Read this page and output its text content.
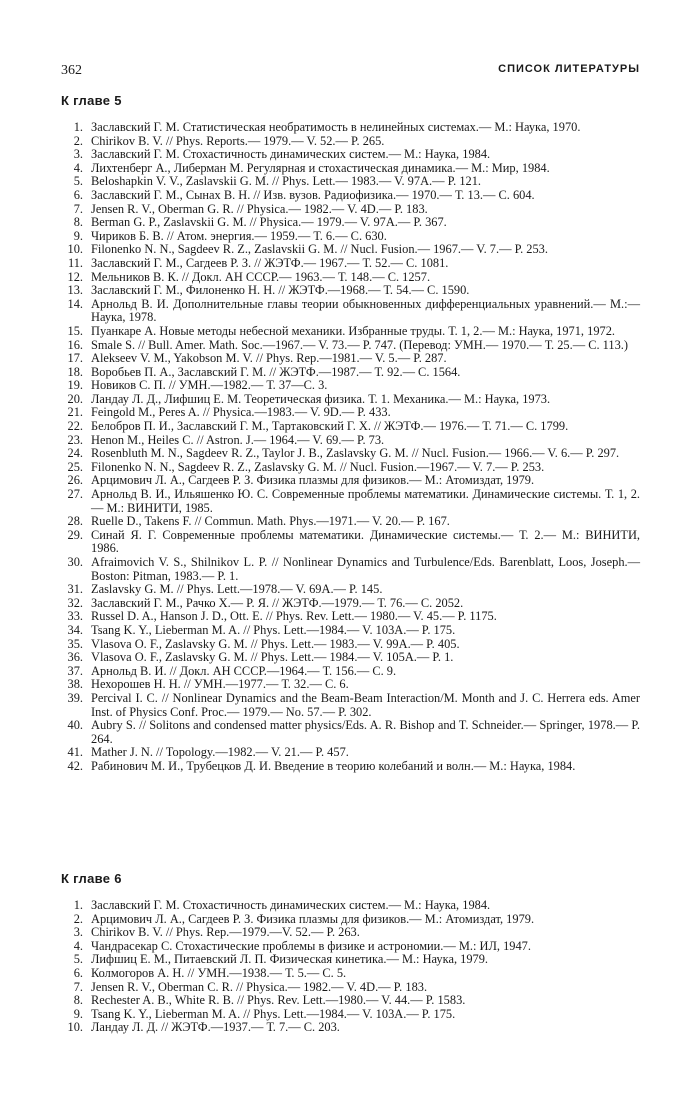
362	СПИСОК ЛИТЕРАТУРЫ
К главе 5
1. Заславский Г. М. Статистическая необратимость в нелинейных системах.— М.: Наука, 1970.
2. Chirikov B. V. // Phys. Reports.— 1979.— V. 52.— P. 265.
3. Заславский Г. М. Стохастичность динамических систем.— М.: Наука, 1984.
4. Лихтенберг А., Либерман М. Регулярная и стохастическая динамика.— М.: Мир, 1984.
5. Beloshapkin V. V., Zaslavskii G. M. // Phys. Lett.— 1983.— V. 97A.— P. 121.
6. Заславский Г. М., Сынах В. Н. // Изв. вузов. Радиофизика.— 1970.— Т. 13.— С. 604.
7. Jensen R. V., Oberman G. R. // Physica.— 1982.— V. 4D.— P. 183.
8. Berman G. P., Zaslavskii G. M. // Physica.— 1979.— V. 97A.— P. 367.
9. Чириков Б. В. // Атом. энергия.— 1959.— Т. 6.— С. 630.
10. Filonenko N. N., Sagdeev R. Z., Zaslavskii G. M. // Nucl. Fusion.— 1967.— V. 7.— P. 253.
11. Заславский Г. М., Сагдеев Р. З. // ЖЭТФ.— 1967.— Т. 52.— С. 1081.
12. Мельников В. К. // Докл. АН СССР.— 1963.— Т. 148.— С. 1257.
13. Заславский Г. М., Филоненко Н. Н. // ЖЭТФ.—1968.— Т. 54.— С. 1590.
14. Арнольд В. И. Дополнительные главы теории обыкновенных дифференциальных уравнений.— М.:—Наука, 1978.
15. Пуанкаре А. Новые методы небесной механики. Избранные труды. Т. 1, 2.— М.: Наука, 1971, 1972.
16. Smale S. // Bull. Amer. Math. Soc.—1967.— V. 73.— P. 747. (Перевод: УМН.— 1970.— Т. 25.— С. 113.)
17. Alekseev V. M., Yakobson M. V. // Phys. Rep.—1981.— V. 5.— P. 287.
18. Воробьев П. А., Заславский Г. М. // ЖЭТФ.—1987.— Т. 92.— С. 1564.
19. Новиков С. П. // УМН.—1982.— Т. 37—С. 3.
20. Ландау Л. Д., Лифшиц Е. М. Теоретическая физика. Т. 1. Механика.— М.: Наука, 1973.
21. Feingold M., Peres A. // Physica.—1983.— V. 9D.— P. 433.
22. Белобров П. И., Заславский Г. М., Тартаковский Г. Х. // ЖЭТФ.— 1976.— Т. 71.— С. 1799.
23. Henon M., Heiles C. // Astron. J.— 1964.— V. 69.— P. 73.
24. Rosenbluth M. N., Sagdeev R. Z., Taylor J. B., Zaslavsky G. M. // Nucl. Fusion.— 1966.— V. 6.— P. 297.
25. Filonenko N. N., Sagdeev R. Z., Zaslavsky G. M. // Nucl. Fusion.—1967.— V. 7.— P. 253.
26. Арцимович Л. А., Сагдеев Р. З. Физика плазмы для физиков.— М.: Атомиздат, 1979.
27. Арнольд В. И., Ильяшенко Ю. С. Современные проблемы математики. Динамические системы. Т. 1, 2.— М.: ВИНИТИ, 1985.
28. Ruelle D., Takens F. // Commun. Math. Phys.—1971.— V. 20.— P. 167.
29. Синай Я. Г. Современные проблемы математики. Динамические системы.— Т. 2.— М.: ВИНИТИ, 1986.
30. Afraimovich V. S., Shilnikov L. P. // Nonlinear Dynamics and Turbulence/Eds. Barenblatt, Loos, Joseph.— Boston: Pitman, 1983.— P. 1.
31. Zaslavsky G. M. // Phys. Lett.—1978.— V. 69A.— P. 145.
32. Заславский Г. М., Рачко Х.— Р. Я. // ЖЭТФ.—1979.— Т. 76.— С. 2052.
33. Russel D. A., Hanson J. D., Ott. E. // Phys. Rev. Lett.— 1980.— V. 45.— P. 1175.
34. Tsang K. Y., Lieberman M. A. // Phys. Lett.—1984.— V. 103A.— P. 175.
35. Vlasova O. F., Zaslavsky G. M. // Phys. Lett.— 1983.— V. 99A.— P. 405.
36. Vlasova O. F., Zaslavsky G. M. // Phys. Lett.— 1984.— V. 105A.— P. 1.
37. Арнольд В. И. // Докл. АН СССР.—1964.— Т. 156.— С. 9.
38. Нехорошев Н. Н. // УМН.—1977.— Т. 32.— С. 6.
39. Percival I. C. // Nonlinear Dynamics and the Beam-Beam Interaction/M. Month and J. C. Herrera eds. Amer Inst. of Physics Conf. Proc.— 1979.— No. 57.— P. 302.
40. Aubry S. // Solitons and condensed matter physics/Eds. A. R. Bishop and T. Schneider.— Springer, 1978.— P. 264.
41. Mather J. N. // Topology.—1982.— V. 21.— P. 457.
42. Рабинович М. И., Трубецков Д. И. Введение в теорию колебаний и волн.— М.: Наука, 1984.
К главе 6
1. Заславский Г. М. Стохастичность динамических систем.— М.: Наука, 1984.
2. Арцимович Л. А., Сагдеев Р. З. Физика плазмы для физиков.— М.: Атомиздат, 1979.
3. Chirikov B. V. // Phys. Rep.—1979.—V. 52.— P. 263.
4. Чандрасекар С. Стохастические проблемы в физике и астрономии.— М.: ИЛ, 1947.
5. Лифшиц Е. М., Питаевский Л. П. Физическая кинетика.— М.: Наука, 1979.
6. Колмогоров А. Н. // УМН.—1938.— Т. 5.— С. 5.
7. Jensen R. V., Oberman C. R. // Physica.— 1982.— V. 4D.— P. 183.
8. Rechester A. B., White R. B. // Phys. Rev. Lett.—1980.— V. 44.— P. 1583.
9. Tsang K. Y., Lieberman M. A. // Phys. Lett.—1984.— V. 103A.— P. 175.
10. Ландау Л. Д. // ЖЭТФ.—1937.— Т. 7.— С. 203.
